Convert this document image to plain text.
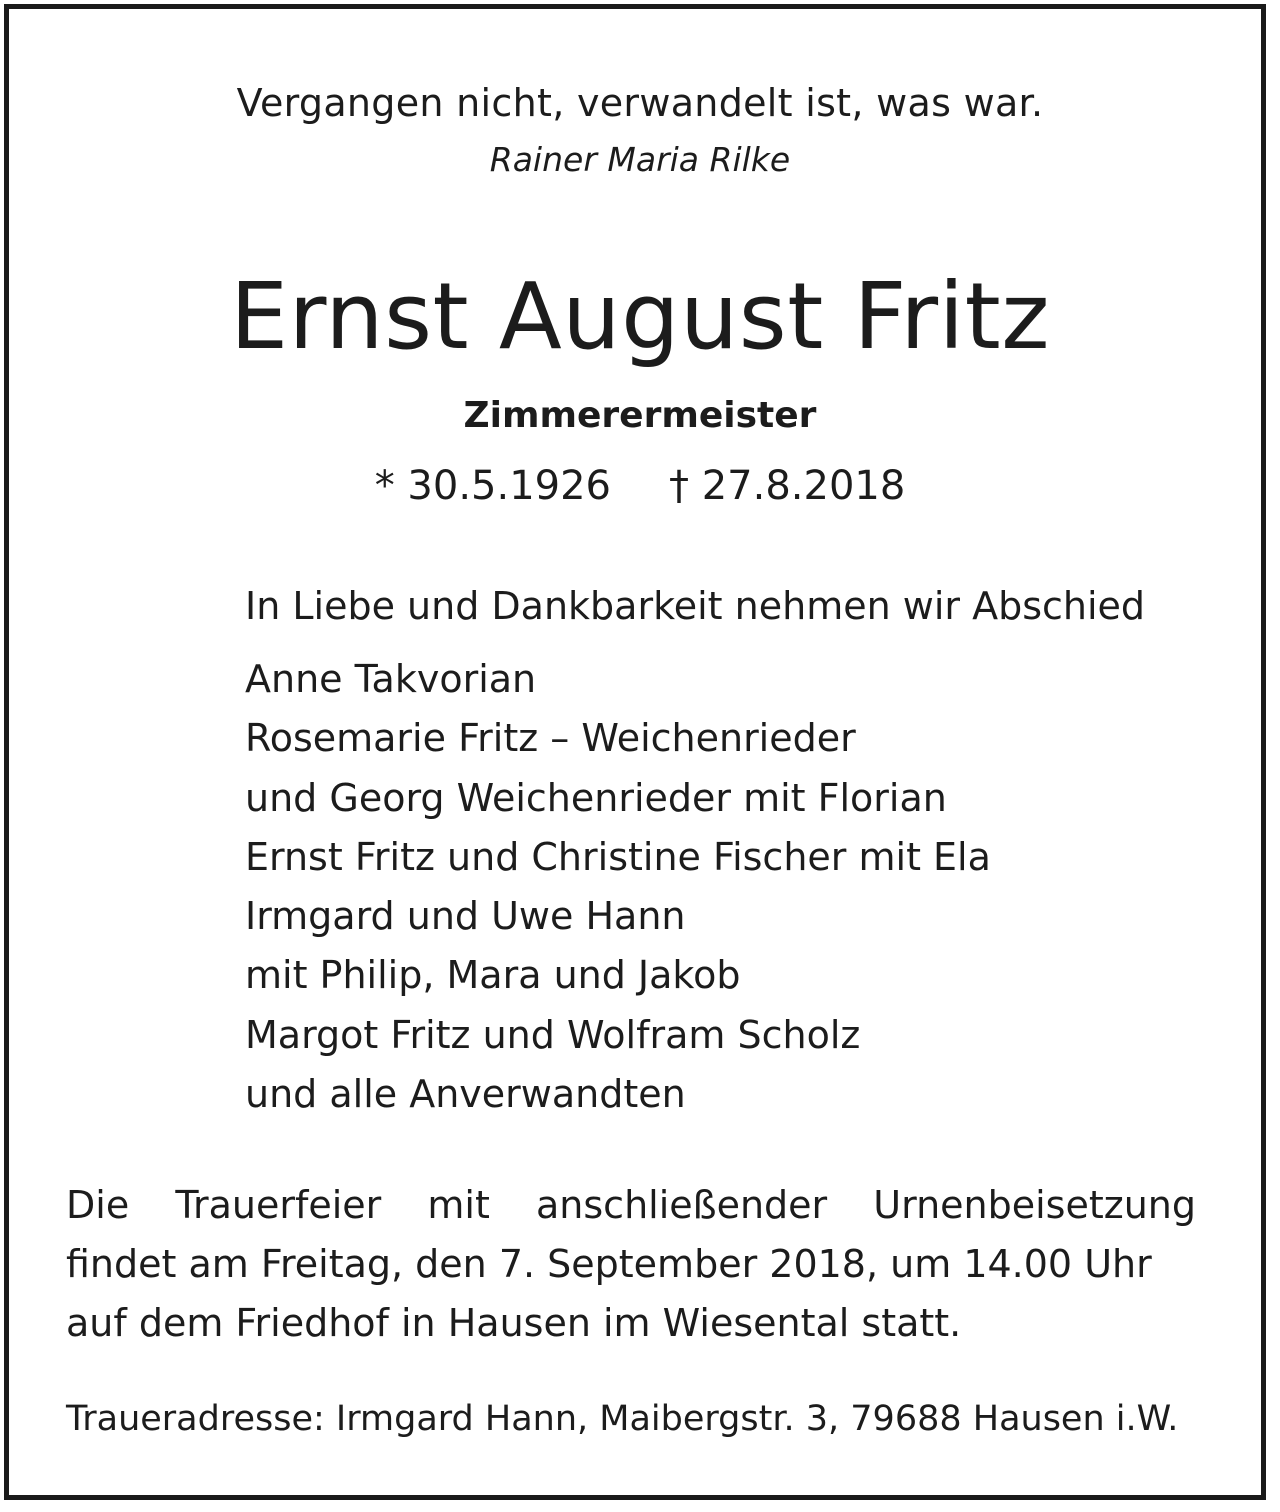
Vergangen nicht, verwandelt ist, was war.

Rainer Maria Rilke

Ernst August Fritz

Zimmerermeister

* 30.5.1926 † 27.8.2018

In Liebe und Dankbarkeit nehmen wir Abschied

Anne Takvorian
Rosemarie Fritz – Weichenrieder
und Georg Weichenrieder mit Florian
Ernst Fritz und Christine Fischer mit Ela
Irmgard und Uwe Hann
mit Philip, Mara und Jakob
Margot Fritz und Wolfram Scholz
und alle Anverwandten
Die Trauerfeier mit anschließender Urnenbeisetzung
findet am Freitag, den 7. September 2018, um 14.00 Uhr
auf dem Friedhof in Hausen im Wiesental statt.

Traueradresse: Irmgard Hann, Maibergstr. 3, 79688 Hausen i.W.
